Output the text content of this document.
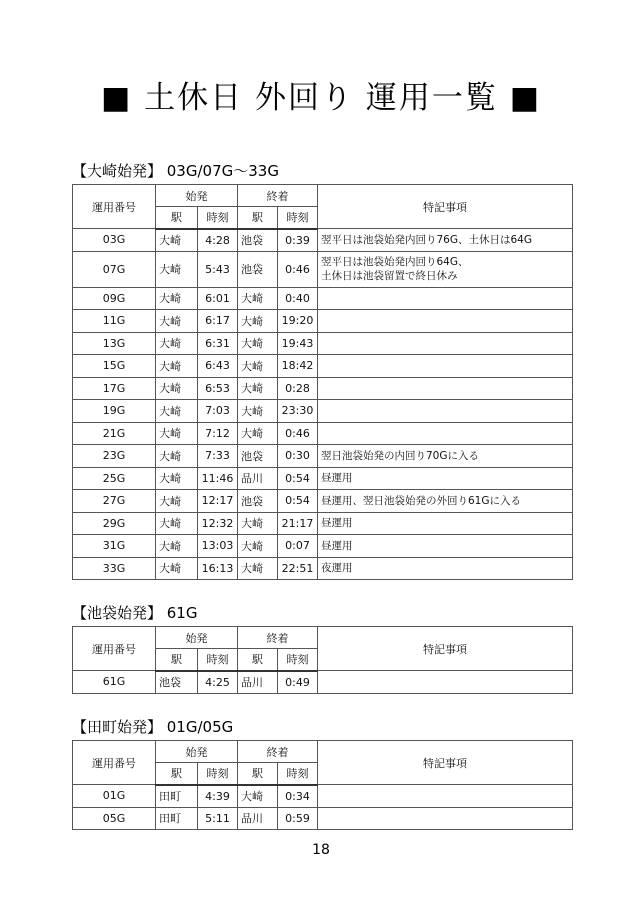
■ 土休日 外回り 運用一覧 ■
【大崎始発】 03G/07G〜33G
運用番号	始発		終着		特記事項
	駅	時刻	駅	時刻	
03G	大崎	4:28	池袋	0:39	翌平日は池袋始発内回り76G、土休日は64G

07G	大崎	5:43	池袋	0:46	翌平日は池袋始発内回り64G、
土休日は池袋留置で終日休み

09G	大崎	6:01	大崎	0:40	
11G	大崎	6:17	大崎	19:20	
13G	大崎	6:31	大崎	19:43	
15G	大崎	6:43	大崎	18:42	
17G	大崎	6:53	大崎	0:28	
19G	大崎	7:03	大崎	23:30	
21G	大崎	7:12	大崎	0:46	
23G	大崎	7:33	池袋	0:30	翌日池袋始発の内回り70Gに入る

25G	大崎	11:46	品川	0:54	昼運用

27G	大崎	12:17	池袋	0:54	昼運用、翌日池袋始発の外回り61Gに入る

29G	大崎	12:32	大崎	21:17	昼運用

31G	大崎	13:03	大崎	0:07	昼運用

33G	大崎	16:13	大崎	22:51	夜運用
【池袋始発】 61G
運用番号	始発		終着		特記事項
	駅	時刻	駅	時刻	
61G	池袋	4:25	品川	0:49	
【田町始発】 01G/05G
運用番号	始発		終着		特記事項
	駅	時刻	駅	時刻	
01G	田町	4:39	大崎	0:34	
05G	田町	5:11	品川	0:59	
18
